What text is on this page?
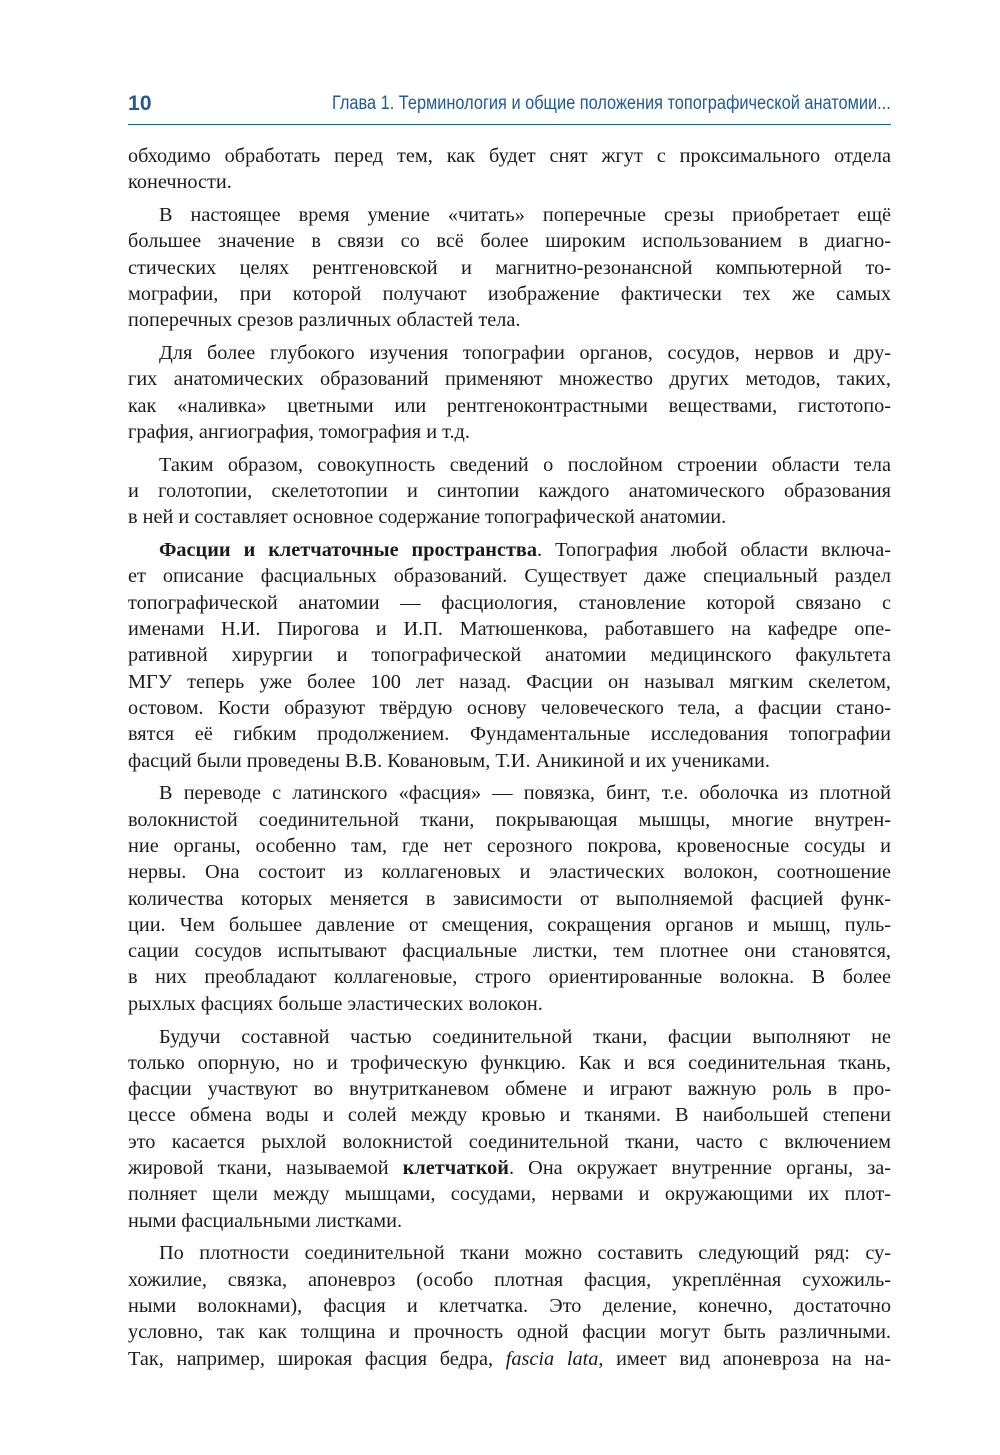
10	Глава 1. Терминология и общие положения топографической анатомии...

обходимо обработать перед тем, как будет снят жгут с проксимального отдела
конечности.

В настоящее время умение «читать» поперечные срезы приобретает ещё
большее значение в связи со всё более широким использованием в диагно-
стических целях рентгеновской и магнитно-резонансной компьютерной то-
мографии, при которой получают изображение фактически тех же самых
поперечных срезов различных областей тела.

Для более глубокого изучения топографии органов, сосудов, нервов и дру-
гих анатомических образований применяют множество других методов, таких,
как «наливка» цветными или рентгеноконтрастными веществами, гистотопо-
графия, ангиография, томография и т.д.

Таким образом, совокупность сведений о послойном строении области тела
и голотопии, скелетотопии и синтопии каждого анатомического образования
в ней и составляет основное содержание топографической анатомии.

Фасции и клетчаточные пространства. Топография любой области включа-
ет описание фасциальных образований. Существует даже специальный раздел
топографической анатомии — фасциология, становление которой связано с
именами Н.И. Пирогова и И.П. Матюшенкова, работавшего на кафедре опе-
ративной хирургии и топографической анатомии медицинского факультета
МГУ теперь уже более 100 лет назад. Фасции он называл мягким скелетом,
остовом. Кости образуют твёрдую основу человеческого тела, а фасции стано-
вятся её гибким продолжением. Фундаментальные исследования топографии
фасций были проведены В.В. Ковановым, Т.И. Аникиной и их учениками.

В переводе с латинского «фасция» — повязка, бинт, т.е. оболочка из плотной
волокнистой соединительной ткани, покрывающая мышцы, многие внутрен-
ние органы, особенно там, где нет серозного покрова, кровеносные сосуды и
нервы. Она состоит из коллагеновых и эластических волокон, соотношение
количества которых меняется в зависимости от выполняемой фасцией функ-
ции. Чем большее давление от смещения, сокращения органов и мышц, пуль-
сации сосудов испытывают фасциальные листки, тем плотнее они становятся,
в них преобладают коллагеновые, строго ориентированные волокна. В более
рыхлых фасциях больше эластических волокон.

Будучи составной частью соединительной ткани, фасции выполняют не
только опорную, но и трофическую функцию. Как и вся соединительная ткань,
фасции участвуют во внутритканевом обмене и играют важную роль в про-
цессе обмена воды и солей между кровью и тканями. В наибольшей степени
это касается рыхлой волокнистой соединительной ткани, часто с включением
жировой ткани, называемой клетчаткой. Она окружает внутренние органы, за-
полняет щели между мышцами, сосудами, нервами и окружающими их плот-
ными фасциальными листками.

По плотности соединительной ткани можно составить следующий ряд: су-
хожилие, связка, апоневроз (особо плотная фасция, укреплённая сухожиль-
ными волокнами), фасция и клетчатка. Это деление, конечно, достаточно
условно, так как толщина и прочность одной фасции могут быть различными.
Так, например, широкая фасция бедра, fascia lata, имеет вид апоневроза на на-
